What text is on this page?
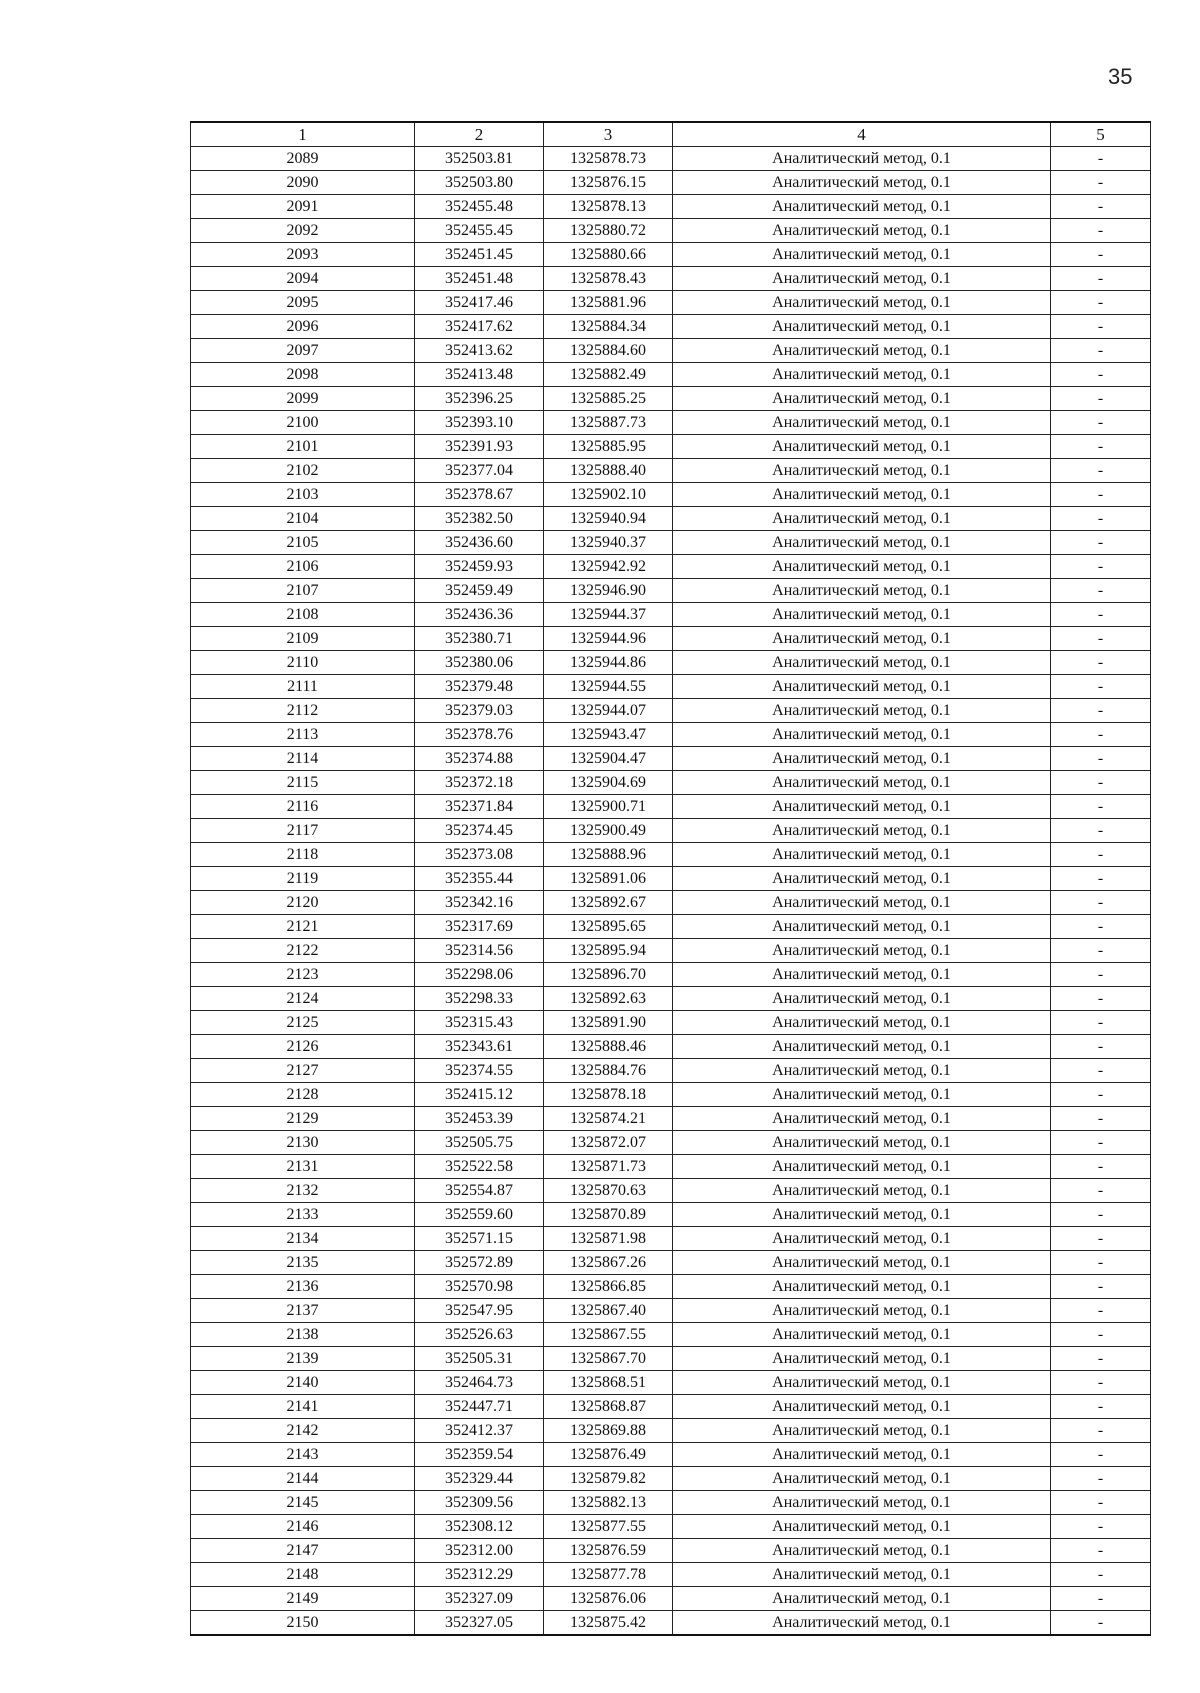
35
1	2	3	4	5
2089	352503.81	1325878.73	Аналитический метод, 0.1	-
2090	352503.80	1325876.15	Аналитический метод, 0.1	-
2091	352455.48	1325878.13	Аналитический метод, 0.1	-
2092	352455.45	1325880.72	Аналитический метод, 0.1	-
2093	352451.45	1325880.66	Аналитический метод, 0.1	-
2094	352451.48	1325878.43	Аналитический метод, 0.1	-
2095	352417.46	1325881.96	Аналитический метод, 0.1	-
2096	352417.62	1325884.34	Аналитический метод, 0.1	-
2097	352413.62	1325884.60	Аналитический метод, 0.1	-
2098	352413.48	1325882.49	Аналитический метод, 0.1	-
2099	352396.25	1325885.25	Аналитический метод, 0.1	-
2100	352393.10	1325887.73	Аналитический метод, 0.1	-
2101	352391.93	1325885.95	Аналитический метод, 0.1	-
2102	352377.04	1325888.40	Аналитический метод, 0.1	-
2103	352378.67	1325902.10	Аналитический метод, 0.1	-
2104	352382.50	1325940.94	Аналитический метод, 0.1	-
2105	352436.60	1325940.37	Аналитический метод, 0.1	-
2106	352459.93	1325942.92	Аналитический метод, 0.1	-
2107	352459.49	1325946.90	Аналитический метод, 0.1	-
2108	352436.36	1325944.37	Аналитический метод, 0.1	-
2109	352380.71	1325944.96	Аналитический метод, 0.1	-
2110	352380.06	1325944.86	Аналитический метод, 0.1	-
2111	352379.48	1325944.55	Аналитический метод, 0.1	-
2112	352379.03	1325944.07	Аналитический метод, 0.1	-
2113	352378.76	1325943.47	Аналитический метод, 0.1	-
2114	352374.88	1325904.47	Аналитический метод, 0.1	-
2115	352372.18	1325904.69	Аналитический метод, 0.1	-
2116	352371.84	1325900.71	Аналитический метод, 0.1	-
2117	352374.45	1325900.49	Аналитический метод, 0.1	-
2118	352373.08	1325888.96	Аналитический метод, 0.1	-
2119	352355.44	1325891.06	Аналитический метод, 0.1	-
2120	352342.16	1325892.67	Аналитический метод, 0.1	-
2121	352317.69	1325895.65	Аналитический метод, 0.1	-
2122	352314.56	1325895.94	Аналитический метод, 0.1	-
2123	352298.06	1325896.70	Аналитический метод, 0.1	-
2124	352298.33	1325892.63	Аналитический метод, 0.1	-
2125	352315.43	1325891.90	Аналитический метод, 0.1	-
2126	352343.61	1325888.46	Аналитический метод, 0.1	-
2127	352374.55	1325884.76	Аналитический метод, 0.1	-
2128	352415.12	1325878.18	Аналитический метод, 0.1	-
2129	352453.39	1325874.21	Аналитический метод, 0.1	-
2130	352505.75	1325872.07	Аналитический метод, 0.1	-
2131	352522.58	1325871.73	Аналитический метод, 0.1	-
2132	352554.87	1325870.63	Аналитический метод, 0.1	-
2133	352559.60	1325870.89	Аналитический метод, 0.1	-
2134	352571.15	1325871.98	Аналитический метод, 0.1	-
2135	352572.89	1325867.26	Аналитический метод, 0.1	-
2136	352570.98	1325866.85	Аналитический метод, 0.1	-
2137	352547.95	1325867.40	Аналитический метод, 0.1	-
2138	352526.63	1325867.55	Аналитический метод, 0.1	-
2139	352505.31	1325867.70	Аналитический метод, 0.1	-
2140	352464.73	1325868.51	Аналитический метод, 0.1	-
2141	352447.71	1325868.87	Аналитический метод, 0.1	-
2142	352412.37	1325869.88	Аналитический метод, 0.1	-
2143	352359.54	1325876.49	Аналитический метод, 0.1	-
2144	352329.44	1325879.82	Аналитический метод, 0.1	-
2145	352309.56	1325882.13	Аналитический метод, 0.1	-
2146	352308.12	1325877.55	Аналитический метод, 0.1	-
2147	352312.00	1325876.59	Аналитический метод, 0.1	-
2148	352312.29	1325877.78	Аналитический метод, 0.1	-
2149	352327.09	1325876.06	Аналитический метод, 0.1	-
2150	352327.05	1325875.42	Аналитический метод, 0.1	-
